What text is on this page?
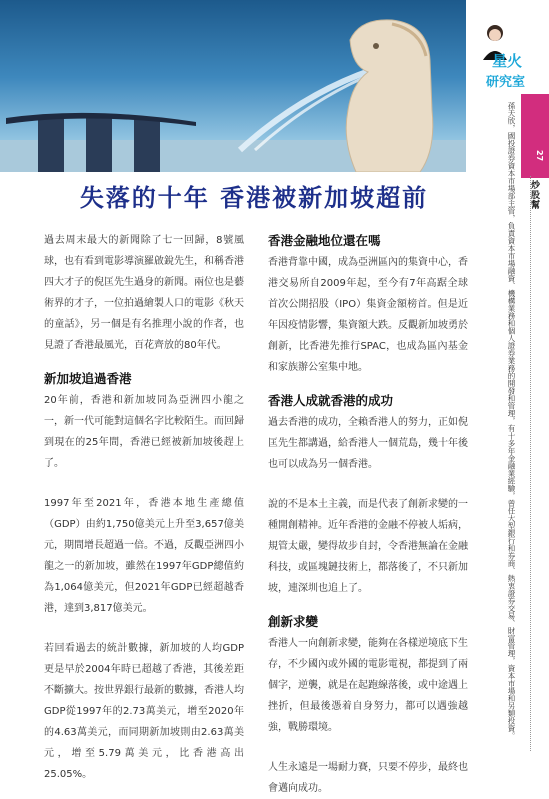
失落的十年 香港被新加坡超前

過去周末最大的新聞除了七一回歸，8號風球，也有看到電影導演羅啟銳先生，和稱香港四大才子的倪匡先生過身的新聞。兩位也是藝術界的才子，一位拍過繪製人口的電影《秋天的童話》，另一個是有名推理小說的作者，也見證了香港最風光，百花齊放的80年代。

新加坡追過香港

20年前，香港和新加坡同為亞洲四小龍之一，新一代可能對這個名字比較陌生。而回歸到現在的25年間，香港已經被新加坡後趕上了。

1997年至2021年，香港本地生產總值（GDP）由約1,750億美元上升至3,657億美元，期間增長超過一倍。不過，反觀亞洲四小龍之一的新加坡，雖然在1997年GDP總值約為1,064億美元，但2021年GDP已經超越香港，達到3,817億美元。

若回看過去的統計數據，新加坡的人均GDP更是早於2004年時已超越了香港，其後差距不斷擴大。按世界銀行最新的數據，香港人均GDP從1997年的2.73萬美元，增至2020年的4.63萬美元，而同期新加坡則由2.63萬美元，增至5.79萬美元，比香港高出25.05%。

香港金融地位還在嗎

香港背靠中國，成為亞洲區內的集資中心，香港交易所自2009年起，至今有7年高踞全球首次公開招股（IPO）集資金額榜首。但是近年因疫情影響，集資額大跌。反觀新加坡勇於創新，比香港先推行SPAC，也成為區內基金和家族辦公室集中地。

香港人成就香港的成功

過去香港的成功，全賴香港人的努力，正如倪匡先生都講過，給香港人一個荒島，幾十年後也可以成為另一個香港。

說的不是本土主義，而是代表了創新求變的一種開創精神。近年香港的金融不停被人垢病，規管太嚴，變得故步自封，令香港無論在金融科技，或區塊鏈技術上，都落後了，不只新加坡，連深圳也追上了。

創新求變

香港人一向創新求變，能夠在各樣逆境底下生存，不少國內或外國的電影電視，都提到了兩個字，逆襲，就是在起跑線落後，或中途遇上挫折，但最後憑着自身努力，都可以遇強越強，戰勝環境。

人生永遠是一場耐力賽，只要不停步，最終也會邁向成功。

星火
研究室
27
炒股幫
孫天欣，國投證券資本市場部主管，負責資本市場融資、機構業務和個人證券業務的開發和管理，有十多年金融業經驗，曾任大型銀行和券商、熱衷證券交易、財富管理，資本市場和另類投資。
